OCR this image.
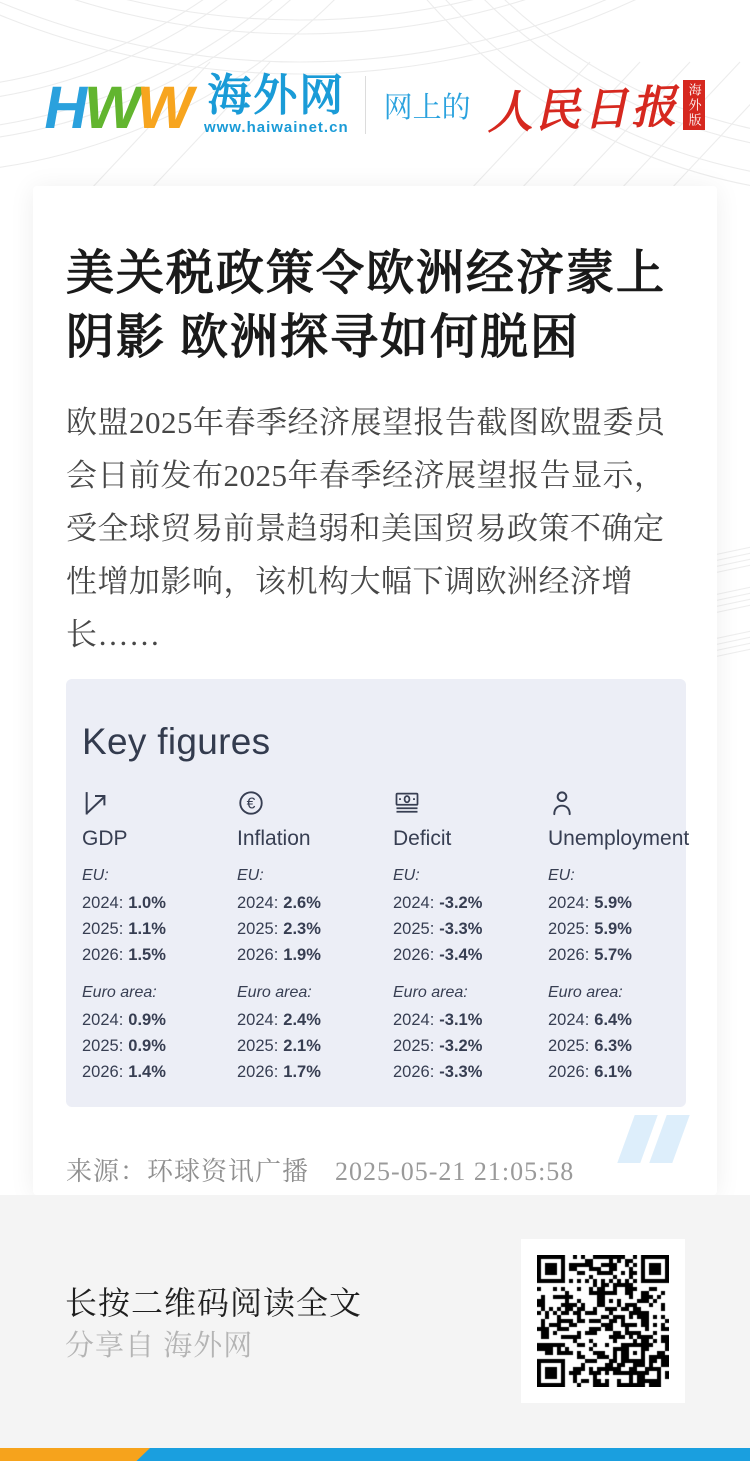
H
W
W 海外网
www.haiwainet.cn
网上的 人民日报 海外版
美关税政策令欧洲经济蒙上阴影 欧洲探寻如何脱困

欧盟2025年春季经济展望报告截图欧盟委员会日前发布2025年春季经济展望报告显示，受全球贸易前景趋弱和美国贸易政策不确定性增加影响，该机构大幅下调欧洲经济增长……

Key figures
GDP
EU:
2024: 1.0%
2025: 1.1%
2026: 1.5%
Euro area:
2024: 0.9%
2025: 0.9%
2026: 1.4%
€
Inflation
EU:
2024: 2.6%
2025: 2.3%
2026: 1.9%
Euro area:
2024: 2.4%
2025: 2.1%
2026: 1.7%
Deficit
EU:
2024: -3.2%
2025: -3.3%
2026: -3.4%
Euro area:
2024: -3.1%
2025: -3.2%
2026: -3.3%
Unemployment
EU:
2024: 5.9%
2025: 5.9%
2026: 5.7%
Euro area:
2024: 6.4%
2025: 6.3%
2026: 6.1%
来源：环球资讯广播 2025-05-21 21:05:58
长按二维码阅读全文
分享自 海外网
